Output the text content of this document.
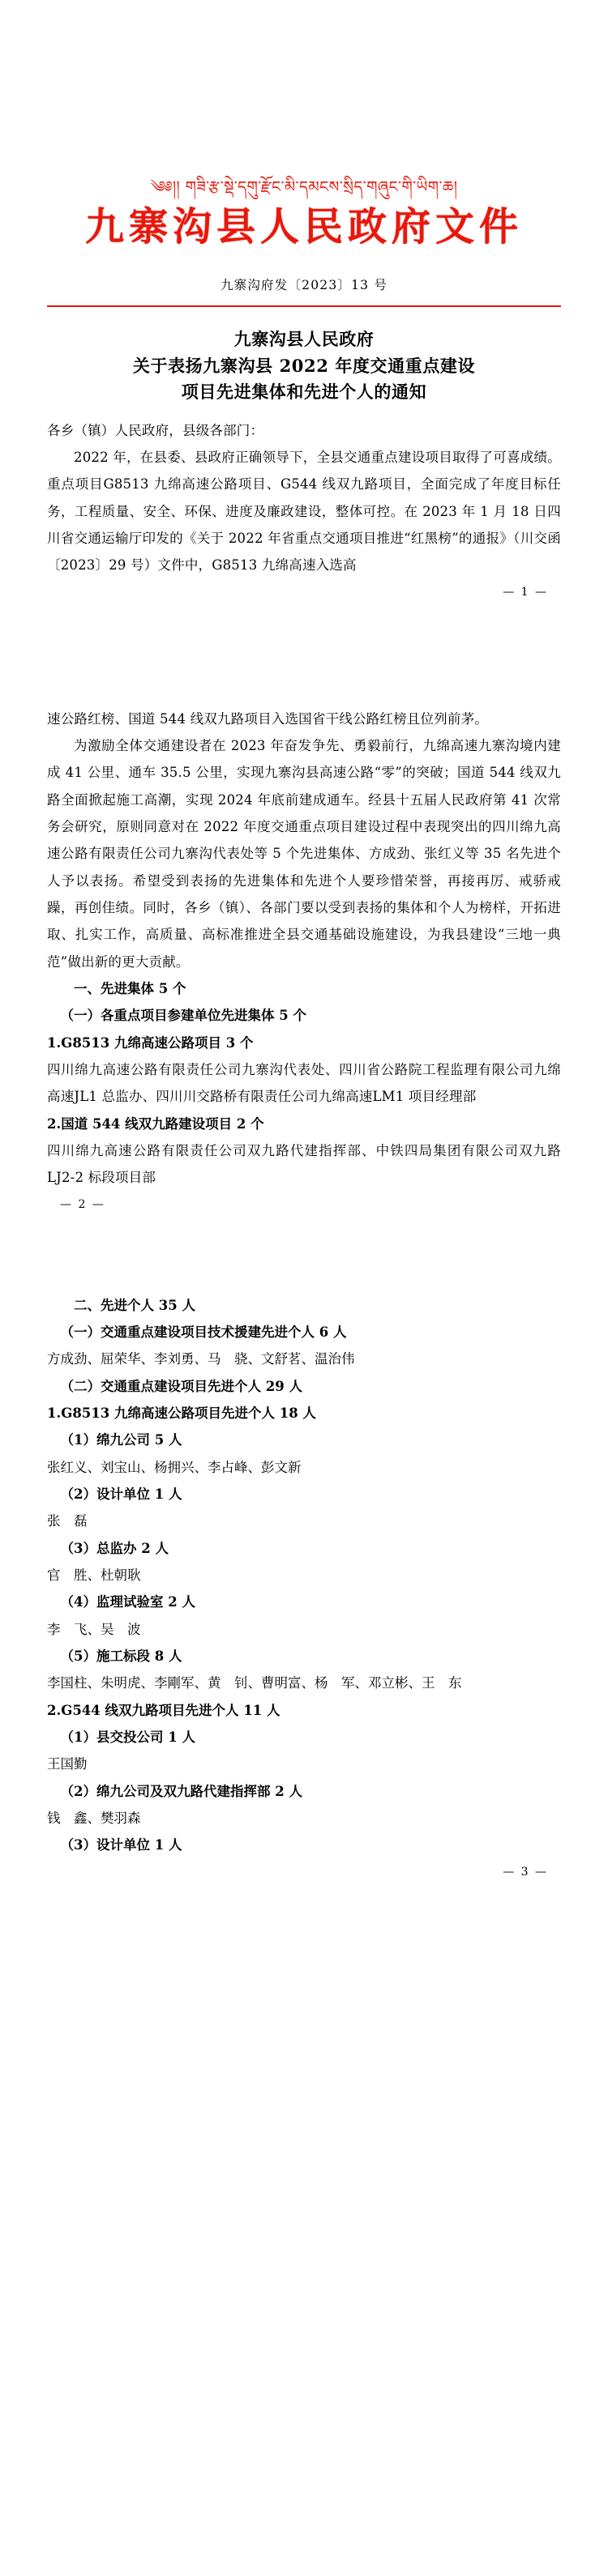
༄༅།། གཟི་རྩ་སྡེ་དགུ་རྫོང་མི་དམངས་སྲིད་གཞུང་གི་ཡིག་ཆ།
九寨沟县人民政府文件
九寨沟府发〔2023〕13 号
九寨沟县人民政府
关于表扬九寨沟县 2022 年度交通重点建设
项目先进集体和先进个人的通知

各乡（镇）人民政府，县级各部门：

2022 年，在县委、县政府正确领导下，全县交通重点建设项目取得了可喜成绩。重点项目G8513 九绵高速公路项目、G544 线双九路项目，全面完成了年度目标任务，工程质量、安全、环保、进度及廉政建设，整体可控。在 2023 年 1 月 18 日四川省交通运输厅印发的《关于 2022 年省重点交通项目推进“红黑榜”的通报》（川交函〔2023〕29 号）文件中，G8513 九绵高速入选高

— 1 —

速公路红榜、国道 544 线双九路项目入选国省干线公路红榜且位列前茅。

为激励全体交通建设者在 2023 年奋发争先、勇毅前行，九绵高速九寨沟境内建成 41 公里、通车 35.5 公里，实现九寨沟县高速公路“零”的突破；国道 544 线双九路全面掀起施工高潮，实现 2024 年底前建成通车。经县十五届人民政府第 41 次常务会研究，原则同意对在 2022 年度交通重点项目建设过程中表现突出的四川绵九高速公路有限责任公司九寨沟代表处等 5 个先进集体、方成劲、张红义等 35 名先进个人予以表扬。希望受到表扬的先进集体和先进个人要珍惜荣誉，再接再厉、戒骄戒躁，再创佳绩。同时，各乡（镇）、各部门要以受到表扬的集体和个人为榜样，开拓进取、扎实工作，高质量、高标准推进全县交通基础设施建设，为我县建设“三地一典范”做出新的更大贡献。

一、先进集体 5 个

（一）各重点项目参建单位先进集体 5 个

1.G8513 九绵高速公路项目 3 个

四川绵九高速公路有限责任公司九寨沟代表处、四川省公路院工程监理有限公司九绵高速JL1 总监办、四川川交路桥有限责任公司九绵高速LM1 项目经理部

2.国道 544 线双九路建设项目 2 个

四川绵九高速公路有限责任公司双九路代建指挥部、中铁四局集团有限公司双九路LJ2-2 标段项目部

— 2 —

二、先进个人 35 人

（一）交通重点建设项目技术援建先进个人 6 人

方成劲、屈荣华、李刘勇、马　骁、文舒茗、温治伟

（二）交通重点建设项目先进个人 29 人

1.G8513 九绵高速公路项目先进个人 18 人

（1）绵九公司 5 人

张红义、刘宝山、杨拥兴、李占峰、彭文新

（2）设计单位 1 人

张　磊

（3）总监办 2 人

官　胜、杜朝耿

（4）监理试验室 2 人

李　飞、吴　波

（5）施工标段 8 人

李国柱、朱明虎、李剛军、黄　钊、曹明富、杨　军、邓立彬、王　东

2.G544 线双九路项目先进个人 11 人

（1）县交投公司 1 人

王国勤

（2）绵九公司及双九路代建指挥部 2 人

钱　鑫、樊羽森

（3）设计单位 1 人

— 3 —
